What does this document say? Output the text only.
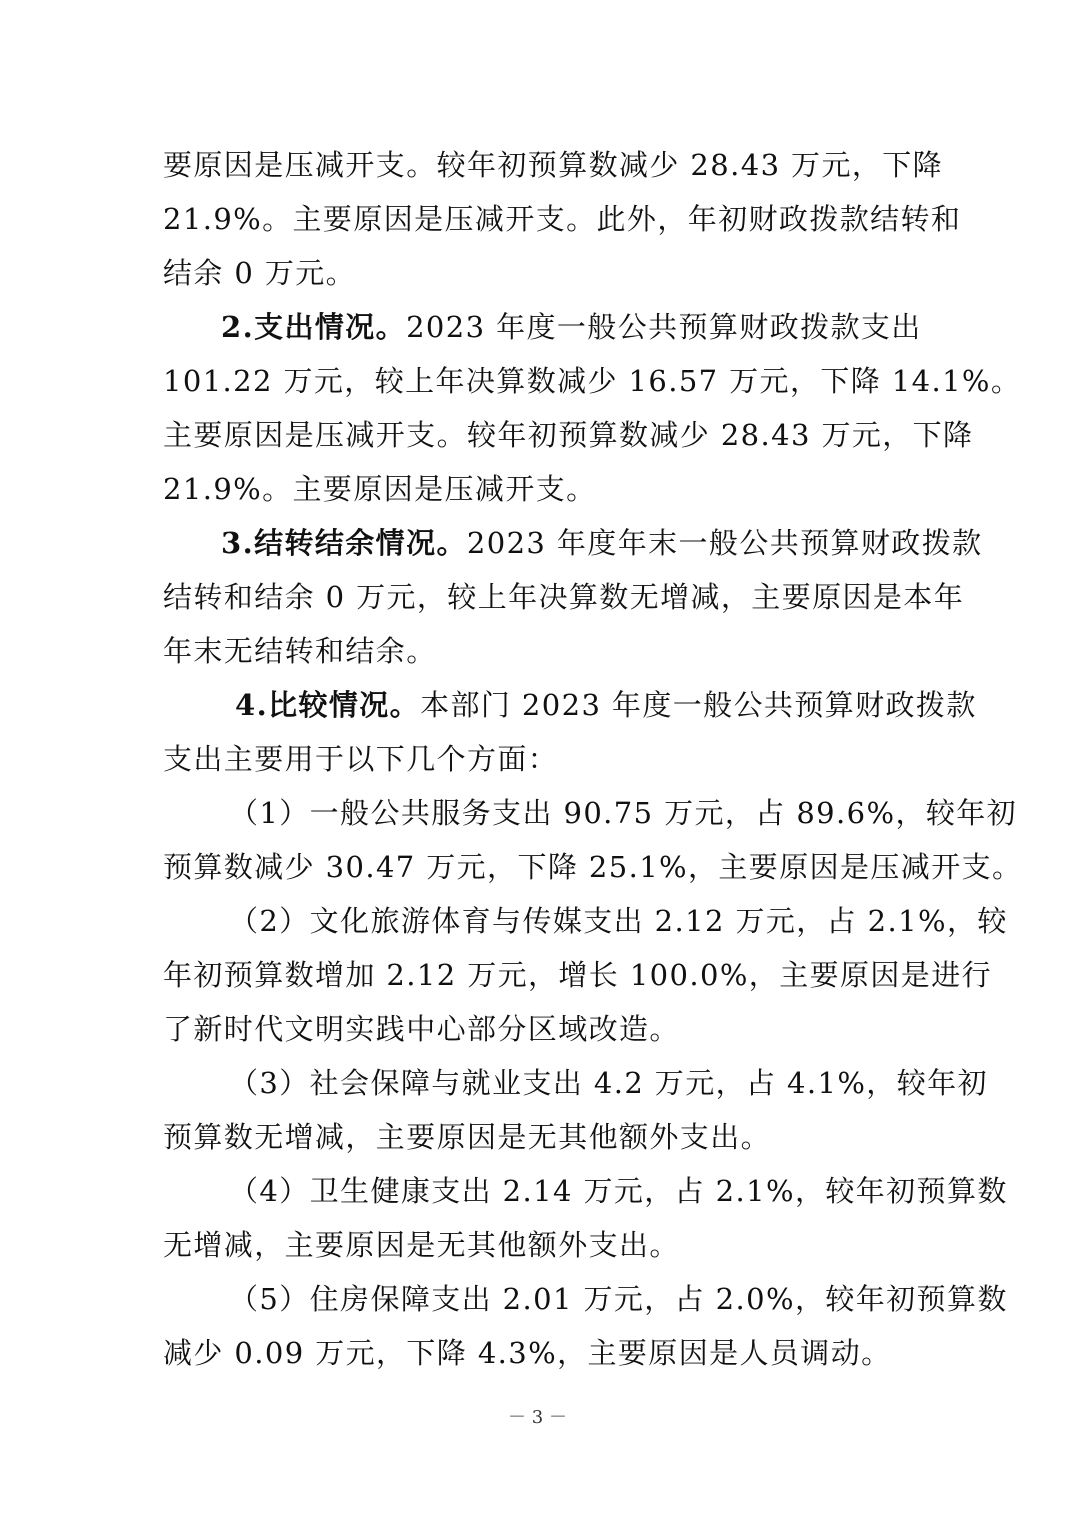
要原因是压减开支。较年初预算数减少 28.43 万元，下降
21.9%。主要原因是压减开支。此外，年初财政拨款结转和
结余 0 万元。
2.支出情况。2023 年度一般公共预算财政拨款支出
101.22 万元，较上年决算数减少 16.57 万元，下降 14.1%。
主要原因是压减开支。较年初预算数减少 28.43 万元，下降
21.9%。主要原因是压减开支。
3.结转结余情况。2023 年度年末一般公共预算财政拨款
结转和结余 0 万元，较上年决算数无增减，主要原因是本年
年末无结转和结余。
4.比较情况。本部门 2023 年度一般公共预算财政拨款
支出主要用于以下几个方面：
（1）一般公共服务支出 90.75 万元，占 89.6%，较年初
预算数减少 30.47 万元，下降 25.1%，主要原因是压减开支。
（2）文化旅游体育与传媒支出 2.12 万元，占 2.1%，较
年初预算数增加 2.12 万元，增长 100.0%，主要原因是进行
了新时代文明实践中心部分区域改造。
（3）社会保障与就业支出 4.2 万元，占 4.1%，较年初
预算数无增减，主要原因是无其他额外支出。
（4）卫生健康支出 2.14 万元，占 2.1%，较年初预算数
无增减，主要原因是无其他额外支出。
（5）住房保障支出 2.01 万元，占 2.0%，较年初预算数
减少 0.09 万元，下降 4.3%，主要原因是人员调动。
－ 3 －
